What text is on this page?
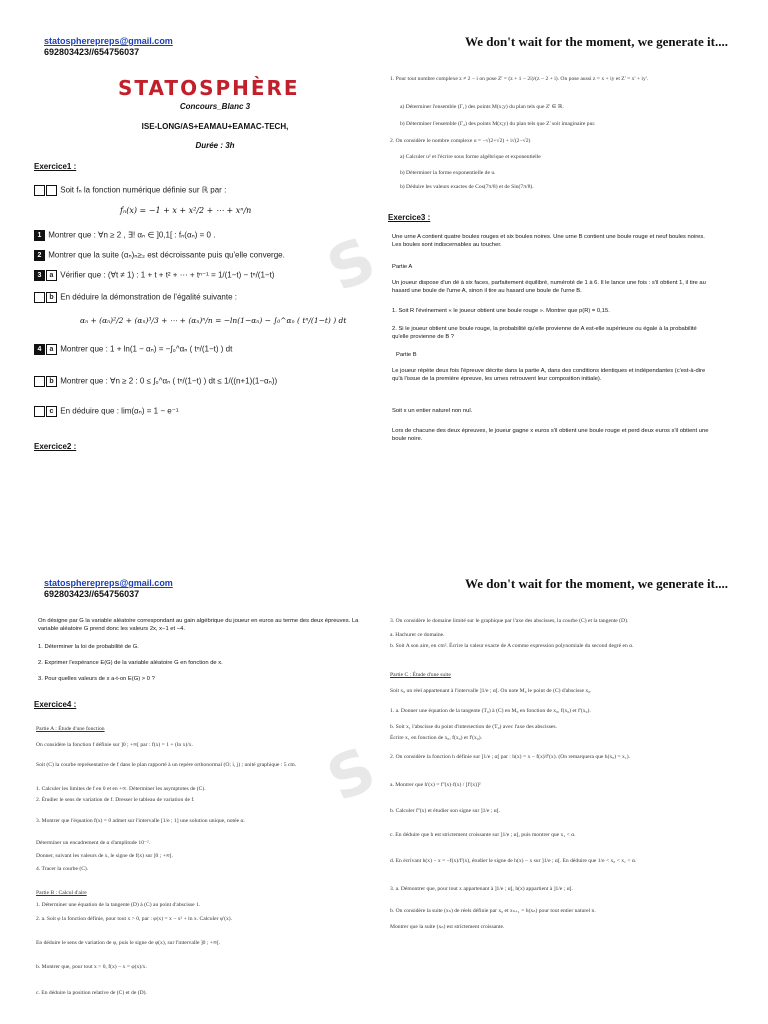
S
statospherepreps@gmail.com
692803423//654756037
We don't wait for the moment, we generate it....
STATOSPHÈRE
Concours_Blanc 3
ISE-LONG/AS+EAMAU+EAMAC-TECH,
Durée : 3h
Exercice1 :
Soit fₙ la fonction numérique définie sur ℝ par :
fₙ(x) = −1 + x + x²/2 + ⋯ + xⁿ/n
1 Montrer que : ∀n ≥ 2 , ∃! αₙ ∈ ]0,1[ : fₙ(αₙ) = 0 .
2 Montrer que la suite (αₙ)ₙ≥₂ est décroissante puis qu'elle converge.
3 a Vérifier que : (∀t ≠ 1) : 1 + t + t² + ⋯ + tⁿ⁻¹ = 1/(1−t) − tⁿ/(1−t)
b En déduire la démonstration de l'égalité suivante :
αₙ + (αₙ)²/2 + (αₙ)³/3 + ⋯ + (αₙ)ⁿ/n = −ln(1−αₙ) − ∫₀^αₙ ( tⁿ/(1−t) ) dt
4 a Montrer que : 1 + ln(1 − αₙ) = −∫₀^αₙ ( tⁿ/(1−t) ) dt
b Montrer que : ∀n ≥ 2 : 0 ≤ ∫₀^αₙ ( tⁿ/(1−t) ) dt ≤ 1/((n+1)(1−αₙ))
c En déduire que : lim(αₙ) = 1 − e⁻¹
Exercice2 :
1. Pour tout nombre complexe z ≠ 2 − i on pose Z' = (z + 1 − 2i)/(z − 2 + i). On pose aussi z = x + iy et Z' = x' + iy'.
a) Déterminer l'ensemble (Γ₁) des points M(x;y) du plan tels que Z' ∈ ℝ.
b) Déterminer l'ensemble (Γ₂) des points M(x;y) du plan tels que Z' soit imaginaire pur.
2. On considère le nombre complexe u = −√(2+√2) + i√(2−√2)
a) Calculer u² et l'écrire sous forme algébrique et exponentielle
b) Déterminer la forme exponentielle de u.
b) Déduire les valeurs exactes de Cos(7π/8) et de Sin(7π/8).
Exercice3 :
Une urne A contient quatre boules rouges et six boules noires. Une urne B contient une boule rouge et neuf boules noires. Les boules sont indiscernables au toucher.
Partie A
Un joueur dispose d'un dé à six faces, parfaitement équilibré, numéroté de 1 à 6. Il le lance une fois : s'il obtient 1, il tire au hasard une boule de l'urne A, sinon il tire au hasard une boule de l'urne B.
1. Soit R l'événement « le joueur obtient une boule rouge ». Montrer que p(R) = 0,15.
2. Si le joueur obtient une boule rouge, la probabilité qu'elle provienne de A est-elle supérieure ou égale à la probabilité qu'elle provienne de B ?
Partie B
Le joueur répète deux fois l'épreuve décrite dans la partie A, dans des conditions identiques et indépendantes (c'est-à-dire qu'à l'issue de la première épreuve, les urnes retrouvent leur composition initiale).
Soit x un entier naturel non nul.
Lors de chacune des deux épreuves, le joueur gagne x euros s'il obtient une boule rouge et perd deux euros s'il obtient une boule noire.
S
statospherepreps@gmail.com
692803423//654756037
We don't wait for the moment, we generate it....
On désigne par G la variable aléatoire correspondant au gain algébrique du joueur en euros au terme des deux épreuves. La variable aléatoire G prend donc les valeurs 2x, x−1 et −4.
1. Déterminer la loi de probabilité de G.
2. Exprimer l'espérance E(G) de la variable aléatoire G en fonction de x.
3. Pour quelles valeurs de x a-t-on E(G) > 0 ?
Exercice4 :
Partie A : Étude d'une fonction
On considère la fonction f définie sur ]0 ; +∞[ par : f(x) = 1 + (ln x)/x.
Soit (C) la courbe représentative de f dans le plan rapporté à un repère orthonormal (O; i, j) ; unité graphique : 5 cm.
1. Calculer les limites de f en 0 et en +∞. Déterminer les asymptotes de (C).
2. Étudier le sens de variation de f. Dresser le tableau de variation de f.
3. Montrer que l'équation f(x) = 0 admet sur l'intervalle [1/e ; 1] une solution unique, notée α.
Déterminer un encadrement de α d'amplitude 10⁻².
Donner, suivant les valeurs de x, le signe de f(x) sur ]0 ; +∞[.
4. Tracer la courbe (C).
Partie B : Calcul d'aire
1. Déterminer une équation de la tangente (D) à (C) au point d'abscisse 1.
2. a. Soit φ la fonction définie, pour tout x > 0, par : φ(x) = x − x² + ln x. Calculer φ'(x).
En déduire le sens de variation de φ, puis le signe de φ(x), sur l'intervalle ]0 ; +∞[.
b. Montrer que, pour tout x > 0, f(x) − x = φ(x)/x.
c. En déduire la position relative de (C) et de (D).
3. On considère le domaine limité sur le graphique par l'axe des abscisses, la courbe (C) et la tangente (D).
a. Hachurer ce domaine.
b. Soit A son aire, en cm². Écrire la valeur exacte de A comme expression polynomiale du second degré en α.
Partie C : Étude d'une suite
Soit x₀ un réel appartenant à l'intervalle ]1/e ; α[. On note M₀ le point de (C) d'abscisse x₀.
1. a. Donner une équation de la tangente (T₀) à (C) en M₀ en fonction de x₀, f(x₀) et f'(x₀).
b. Soit x₁ l'abscisse du point d'intersection de (T₀) avec l'axe des abscisses.
Écrire x₁ en fonction de x₀, f(x₀) et f'(x₀).
2. On considère la fonction h définie sur ]1/e ; α[ par : h(x) = x − f(x)/f'(x). (On remarquera que h(x₀) = x₁).
a. Montrer que h'(x) = f''(x)·f(x) / [f'(x)]²
b. Calculer f''(x) et étudier son signe sur ]1/e ; α[.
c. En déduire que h est strictement croissante sur ]1/e ; α[, puis montrer que x₁ < α.
d. En écrivant h(x) − x = −f(x)/f'(x), étudier le signe de h(x) − x sur ]1/e ; α[. En déduire que 1/e < x₀ < x₁ < α.
3. a. Démontrer que, pour tout x appartenant à ]1/e ; α[, h(x) appartient à ]1/e ; α[.
b. On considère la suite (xₙ) de réels définie par x₀ et xₙ₊₁ = h(xₙ) pour tout entier naturel n.
Montrer que la suite (xₙ) est strictement croissante.
